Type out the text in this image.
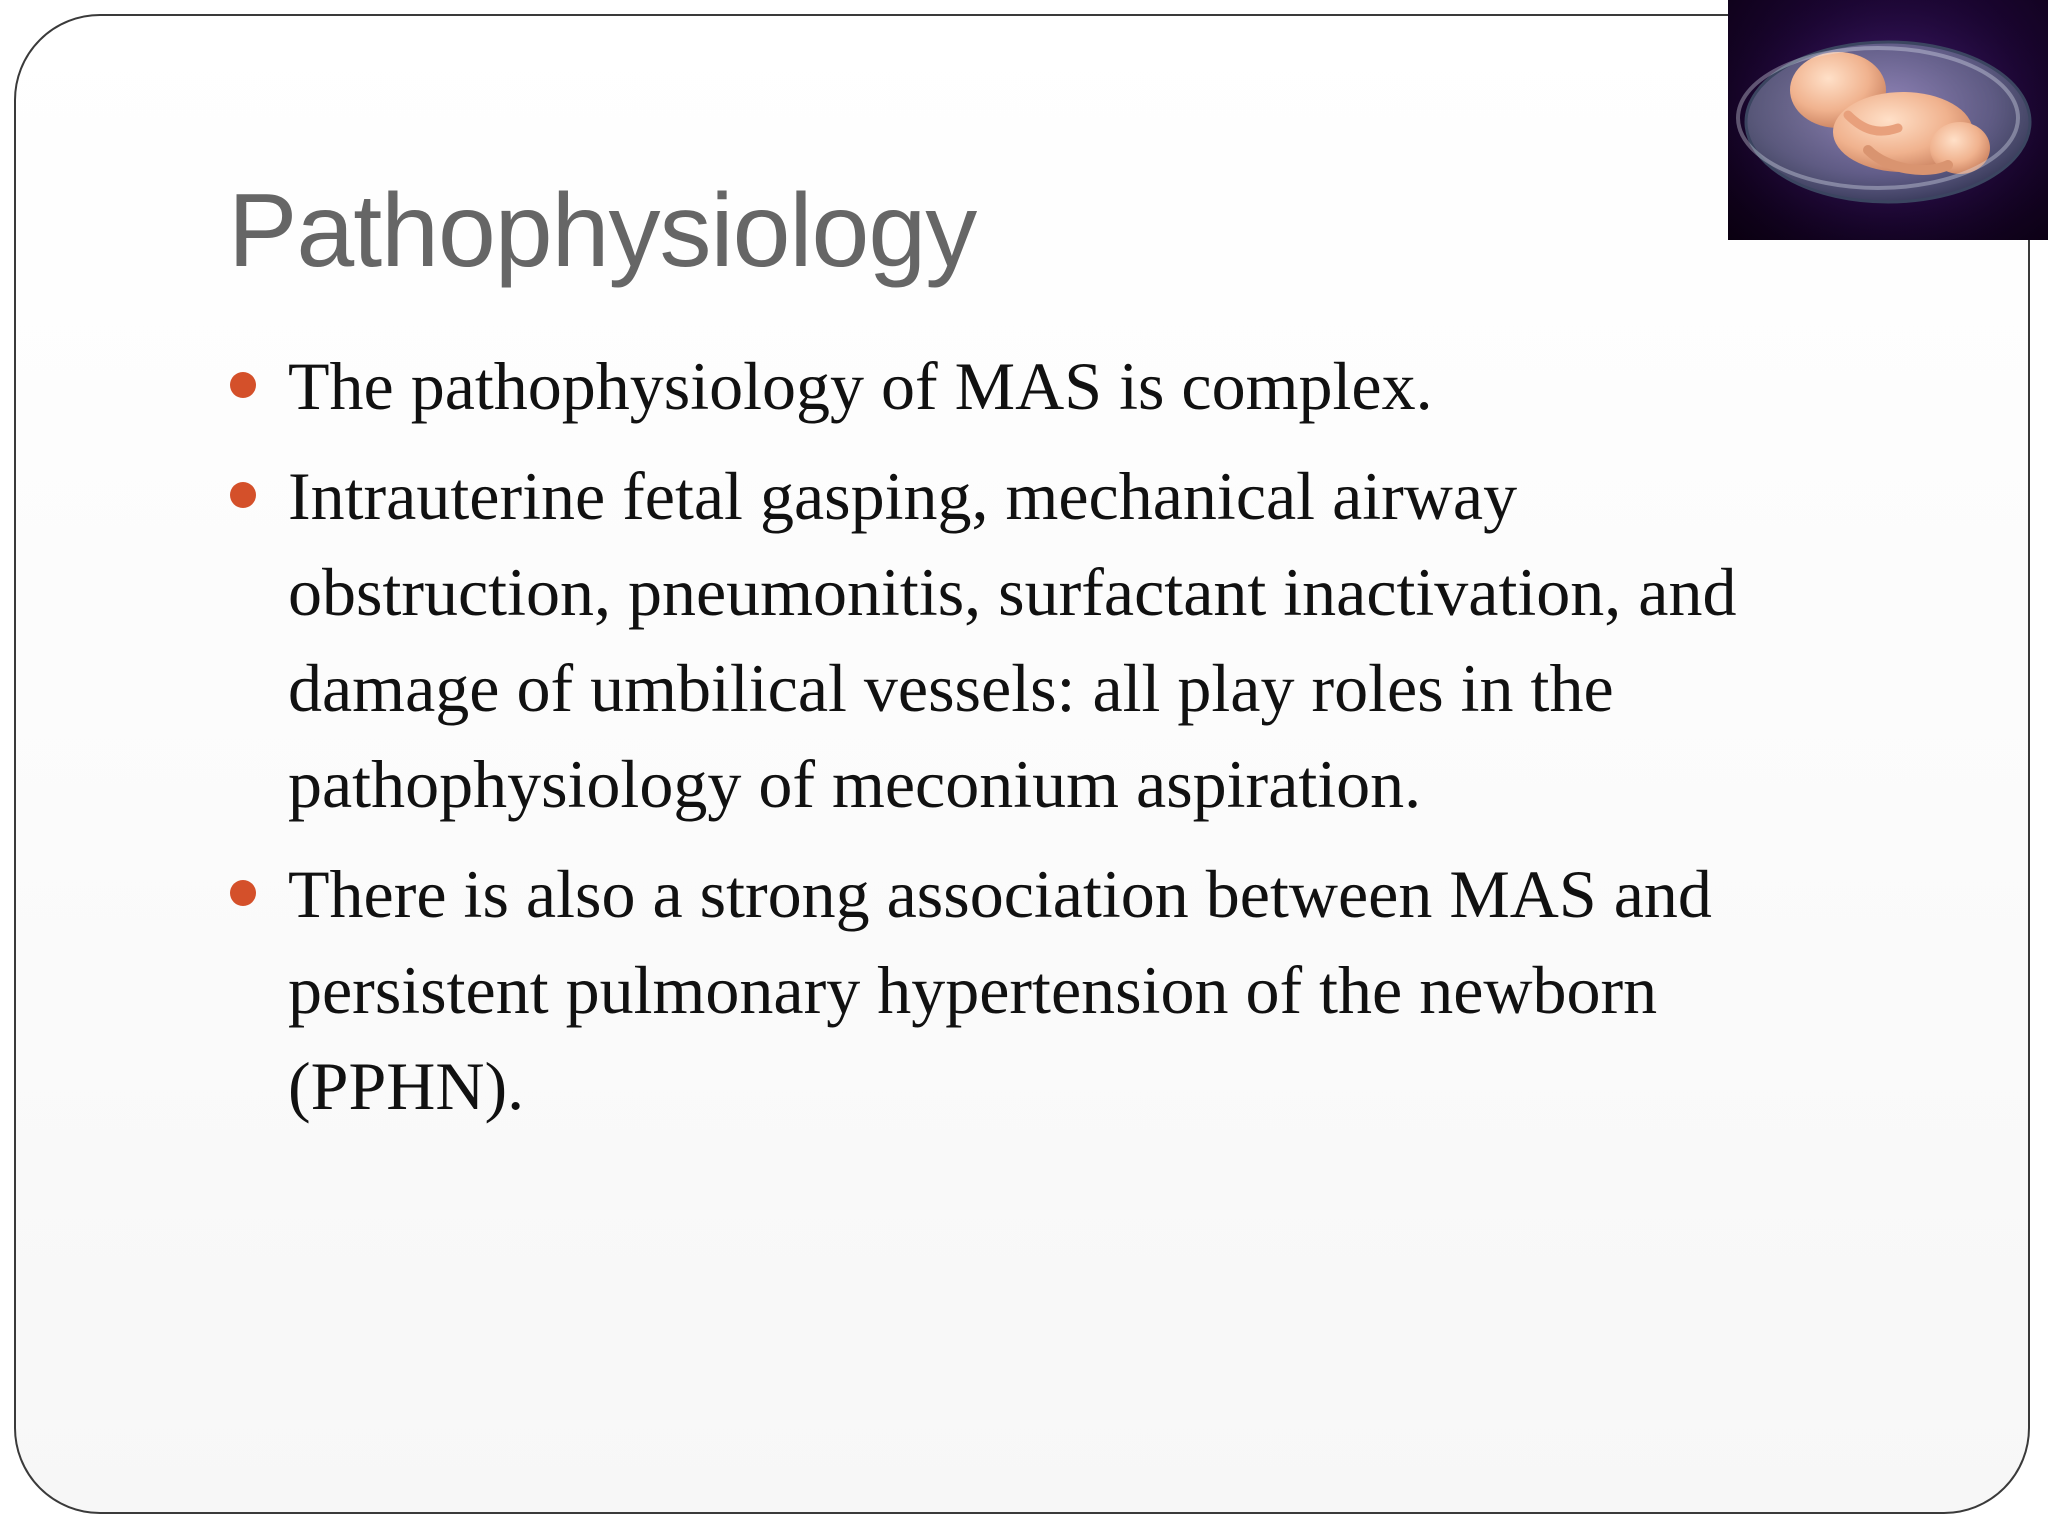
Pathophysiology
The pathophysiology of MAS is complex.
Intrauterine fetal gasping, mechanical airway obstruction, pneumonitis, surfactant inactivation, and damage of umbilical vessels: all play roles in the pathophysiology of meconium aspiration.
There is also a strong association between MAS and persistent pulmonary hypertension of the newborn (PPHN).
